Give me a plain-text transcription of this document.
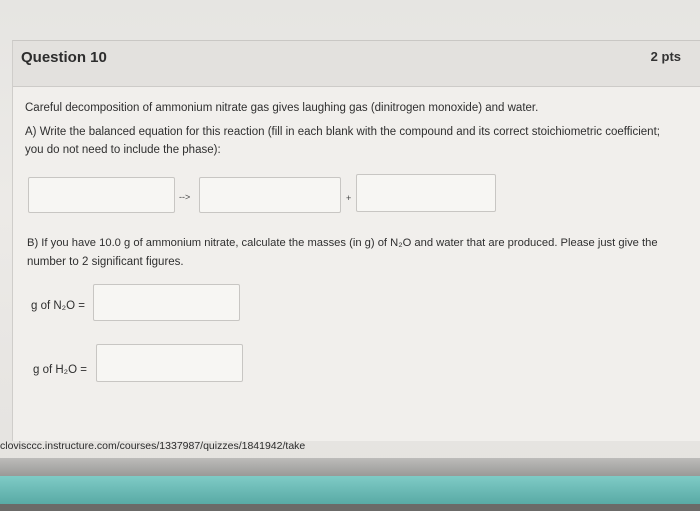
Question 10	2 pts
Careful decomposition of ammonium nitrate gas gives laughing gas (dinitrogen monoxide) and water.
A) Write the balanced equation for this reaction (fill in each blank with the compound and its correct stoichiometric coefficient;
you do not need to include the phase):
-->	+
B) If you have 10.0 g of ammonium nitrate, calculate the masses (in g) of N₂O and water that are produced. Please just give the
number to 2 significant figures.
g of N₂O =
g of H₂O =
clovisccc.instructure.com/courses/1337987/quizzes/1841942/take
